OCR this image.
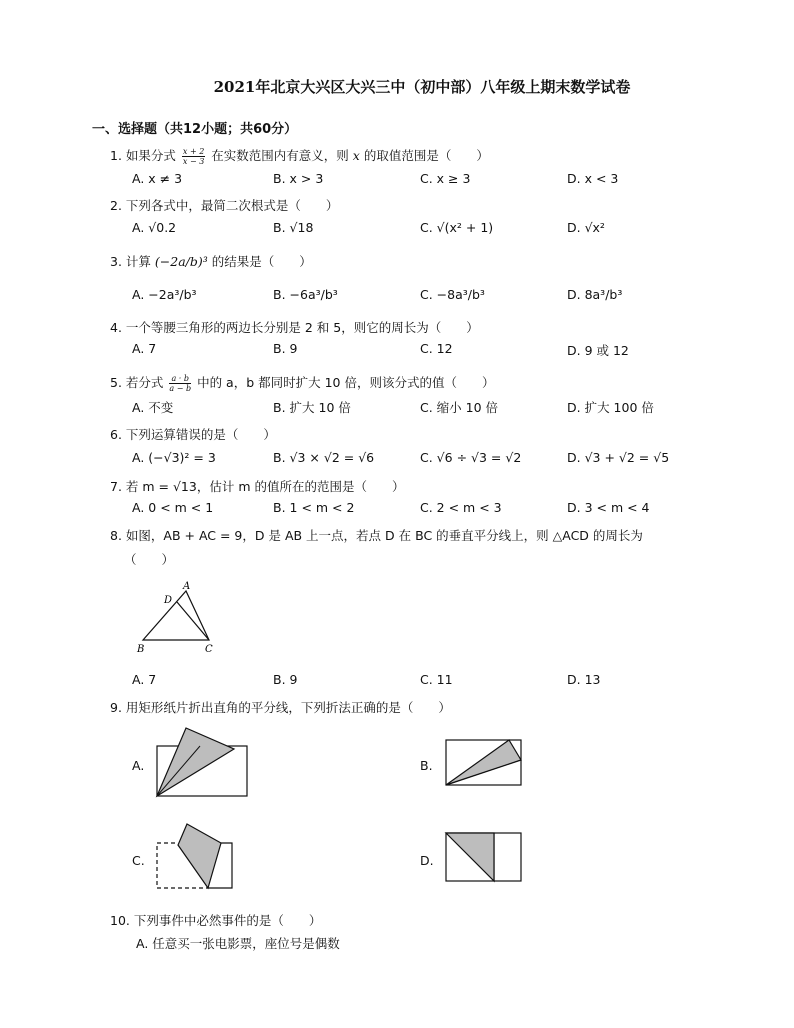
2021年北京大兴区大兴三中（初中部）八年级上期末数学试卷
一、选择题（共12小题；共60分）
1. 如果分式 $\frac{x + 2}{x - 3}$ 在实数范围内有意义，则 x 的取值范围是（　　）
A. x ≠ 3	B. x > 3	C. x ≥ 3	D. x < 3
2. 下列各式中，最简二次根式是（　　）
A. √0.2	B. √18	C. √(x² + 1)	D. √x²
3. 计算 (−2a/b)³ 的结果是（　　）
A. −2a³/b³	B. −6a³/b³	C. −8a³/b³	D. 8a³/b³
4. 一个等腰三角形的两边长分别是 2 和 5，则它的周长为（　　）
A. 7	B. 9	C. 12	D. 9 或 12
5. 若分式 $\frac{a \cdot b}{a - b}$ 中的 a，b 都同时扩大 10 倍，则该分式的值（　　）
A. 不变	B. 扩大 10 倍	C. 缩小 10 倍	D. 扩大 100 倍
6. 下列运算错误的是（　　）
A. (−√3)² = 3	B. √3 × √2 = √6	C. √6 ÷ √3 = √2	D. √3 + √2 = √5
7. 若 m = √13，估计 m 的值所在的范围是（　　）
A. 0 < m < 1	B. 1 < m < 2	C. 2 < m < 3	D. 3 < m < 4
8. 如图，AB + AC = 9，D 是 AB 上一点，若点 D 在 BC 的垂直平分线上，则 △ACD 的周长为
（　　）
A
D
B	C
A. 7	B. 9	C. 11	D. 13
9. 用矩形纸片折出直角的平分线，下列折法正确的是（　　）
A.	B.
C.	D.
10. 下列事件中必然事件的是（　　）
A. 任意买一张电影票，座位号是偶数
